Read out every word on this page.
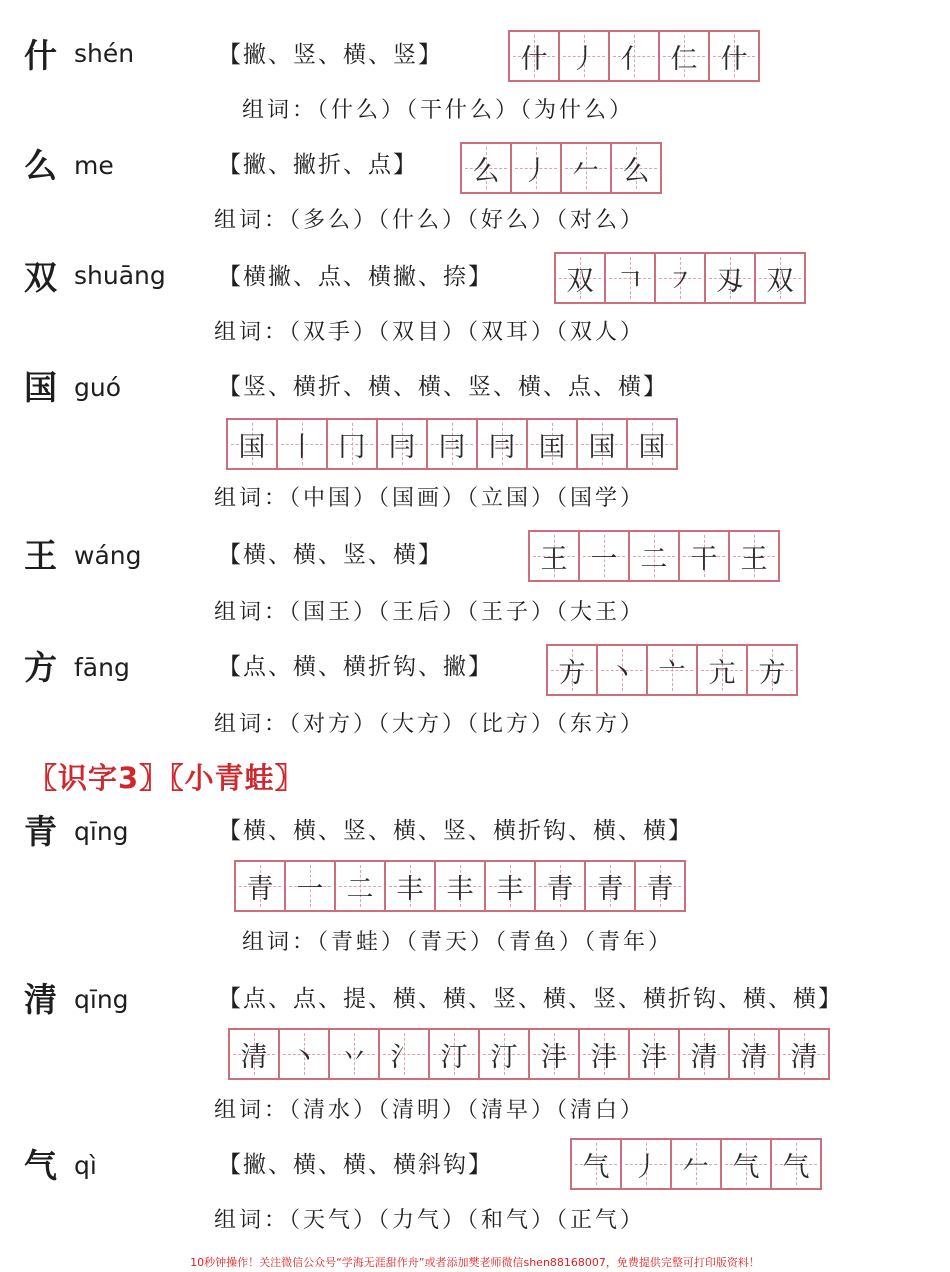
什 shén	【撇、竖、横、竖】	什 丿 亻 仁 什
组词：（什么）（干什么）（为什么）
么 me	【撇、撇折、点】 么 丿 𠂉 么
组词：（多么）（什么）（好么）（对么）
双 shuāng 【横撇、点、横撇、捺】	双 𠃍 ㇇ 刄 双
组词：（双手）（双目）（双耳）（双人）
国 guó	【竖、横折、横、横、竖、横、点、横】
国 丨 冂 冃 冃 冃 囯 国 国
组词：（中国）（国画）（立国）（国学）
王 wáng	【横、横、竖、横】	王 一 二 干 王
组词：（国王）（王后）（王子）（大王）
方 fāng	【点、横、横折钩、撇】 方 丶 亠 亢 方
组词：（对方）（大方）（比方）（东方）
〖识字3〗〖小青蛙〗
青 qīng	【横、横、竖、横、竖、横折钩、横、横】
青 一 二 丰 丰 丰 青 青 青
组词：（青蛙）（青天）（青鱼）（青年）
清 qīng	【点、点、提、横、横、竖、横、竖、横折钩、横、横】
清 丶 丷 氵 汀 汀 沣 沣 沣 清 清 清
组词：（清水）（清明）（清早）（清白）
气 qì	【撇、横、横、横斜钩】	气 丿 𠂉 气 气
组词：（天气）（力气）（和气）（正气）
10秒钟操作！关注微信公众号“学海无涯甜作舟”或者添加樊老师微信shen88168007，免费提供完整可打印版资料！
